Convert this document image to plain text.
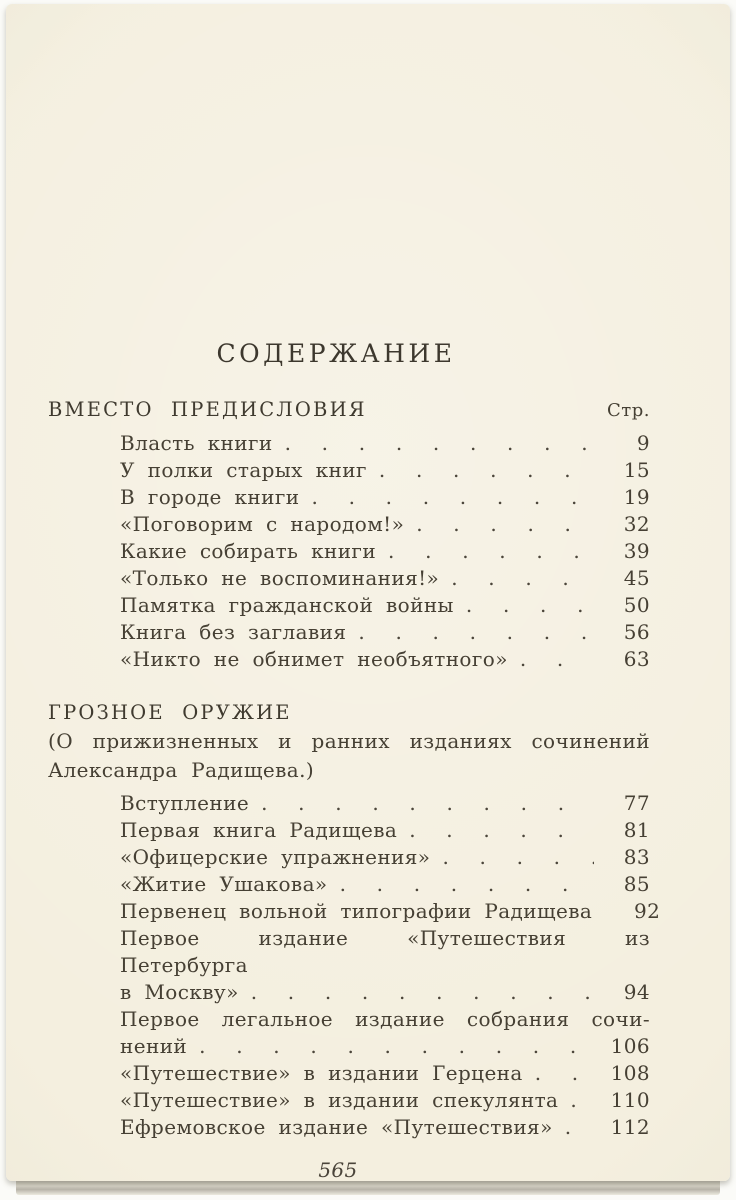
СОДЕРЖАНИЕ
ВМЕСТО ПРЕДИСЛОВИЯ	Стр.
Власть книги .  .	9
У полки старых книг .  .	15
В городе книги .  .	19
«Поговорим с народом!» .  .	32
Какие собирать книги .  .	39
«Только не воспоминания!» .  .	45
Памятка гражданской войны .  .	50
Книга без заглавия .  .	56
«Никто не обнимет необъятного» .  .	63
ГРОЗНОЕ ОРУЖИЕ
(О прижизненных и ранних изданиях сочинений
Александра Радищева.)
Вступление .  .	77
Первая книга Радищева .  .	81
«Офицерские упражнения» .  .	83
«Житие Ушакова» .  .	85
Первенец вольной типографии Радищева	92
Первое издание «Путешествия из Петербурга
в Москву» .  .	94
Первое легальное издание собрания сочи-
нений .  .	106
«Путешествие» в издании Герцена .  .	108
«Путешествие» в издании спекулянта .  .	110
Ефремовское издание «Путешествия» .  .	112
565
